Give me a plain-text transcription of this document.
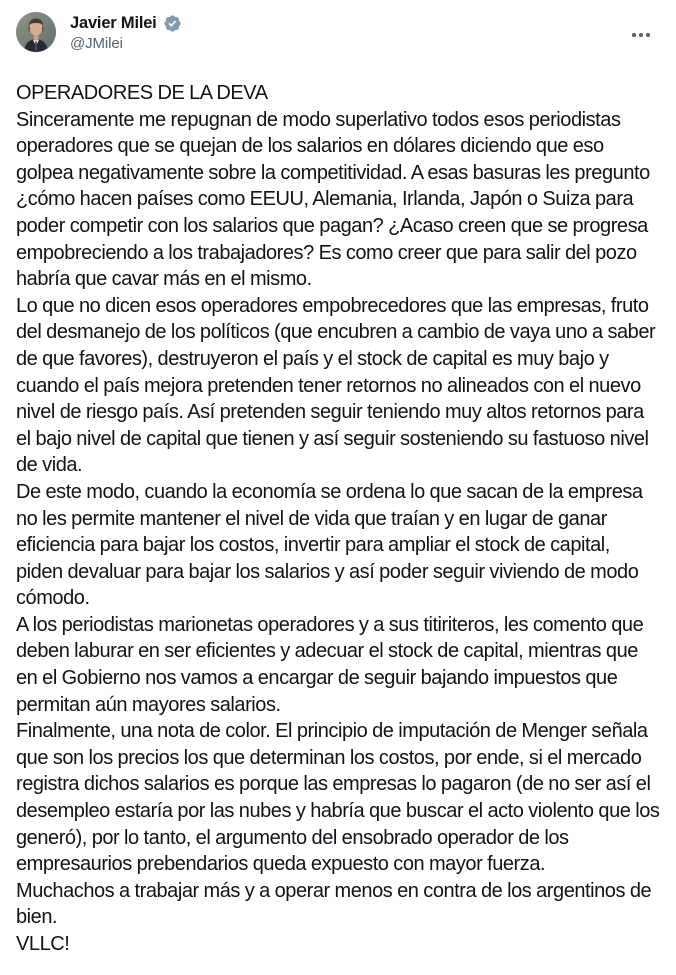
Javier Milei
@JMilei

OPERADORES DE LA DEVA

Sinceramente me repugnan de modo superlativo todos esos periodistas operadores que se quejan de los salarios en dólares diciendo que eso golpea negativamente sobre la competitividad. A esas basuras les pregunto ¿cómo hacen países como EEUU, Alemania, Irlanda, Japón o Suiza para poder competir con los salarios que pagan? ¿Acaso creen que se progresa empobreciendo a los trabajadores? Es como creer que para salir del pozo habría que cavar más en el mismo.

Lo que no dicen esos operadores empobrecedores que las empresas, fruto del desmanejo de los políticos (que encubren a cambio de vaya uno a saber de que favores), destruyeron el país y el stock de capital es muy bajo y cuando el país mejora pretenden tener retornos no alineados con el nuevo nivel de riesgo país. Así pretenden seguir teniendo muy altos retornos para el bajo nivel de capital que tienen y así seguir sosteniendo su fastuoso nivel de vida.

De este modo, cuando la economía se ordena lo que sacan de la empresa no les permite mantener el nivel de vida que traían y en lugar de ganar eficiencia para bajar los costos, invertir para ampliar el stock de capital, piden devaluar para bajar los salarios y así poder seguir viviendo de modo cómodo.

A los periodistas marionetas operadores y a sus titiriteros, les comento que deben laburar en ser eficientes y adecuar el stock de capital, mientras que en el Gobierno nos vamos a encargar de seguir bajando impuestos que permitan aún mayores salarios.

Finalmente, una nota de color. El principio de imputación de Menger señala que son los precios los que determinan los costos, por ende, si el mercado registra dichos salarios es porque las empresas lo pagaron (de no ser así el desempleo estaría por las nubes y habría que buscar el acto violento que los generó), por lo tanto, el argumento del ensobrado operador de los empresaurios prebendarios queda expuesto con mayor fuerza.

Muchachos a trabajar más y a operar menos en contra de los argentinos de bien.

VLLC!
